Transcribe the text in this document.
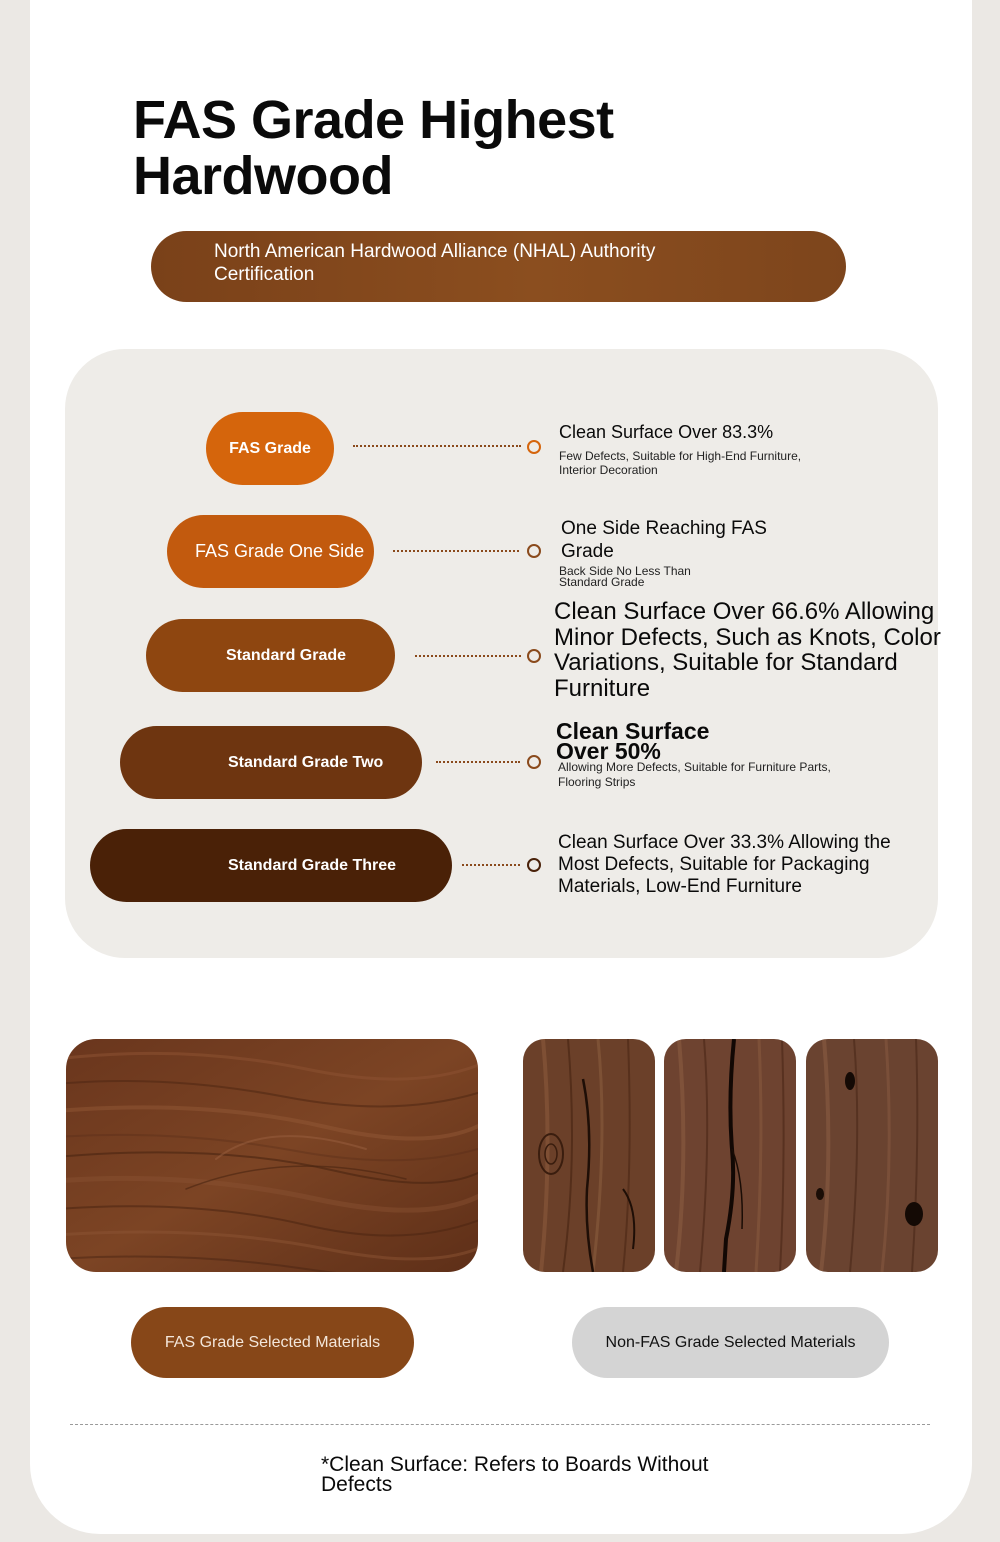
FAS Grade Highest Hardwood
North American Hardwood Alliance (NHAL) Authority Certification
FAS Grade
Clean Surface Over 83.3%
Few Defects, Suitable for High-End Furniture, Interior Decoration
FAS Grade One Side
One Side Reaching FAS Grade
Back Side No Less Than Standard Grade
Standard Grade
Clean Surface Over 66.6% Allowing Minor Defects, Such as Knots, Color Variations, Suitable for Standard Furniture
Standard Grade Two
Clean Surface Over 50%
Allowing More Defects, Suitable for Furniture Parts, Flooring Strips
Standard Grade Three
Clean Surface Over 33.3% Allowing the Most Defects, Suitable for Packaging Materials, Low-End Furniture
FAS Grade Selected Materials	Non-FAS Grade Selected Materials
*Clean Surface: Refers to Boards Without Defects
